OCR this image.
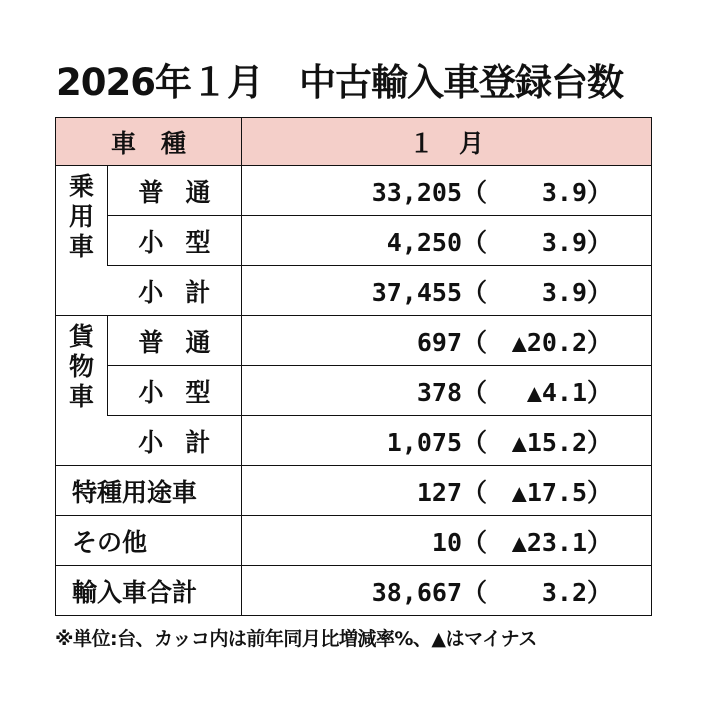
2026年１月　中古輸入車登録台数
車　種		１　月

乗
用
車	普通	33,205（ 3.9）
	小型	4,250（ 3.9）
	小計	37,455（ 3.9）

貨
物
車	普通	697（ ▲20.2）
	小型	378（ ▲4.1）
	小計	1,075（ ▲15.2）
特種用途車		127（ ▲17.5）
その他		10（ ▲23.1）
輸入車合計		38,667（ 3.2）
※単位:台、カッコ内は前年同月比増減率%、▲はマイナス
